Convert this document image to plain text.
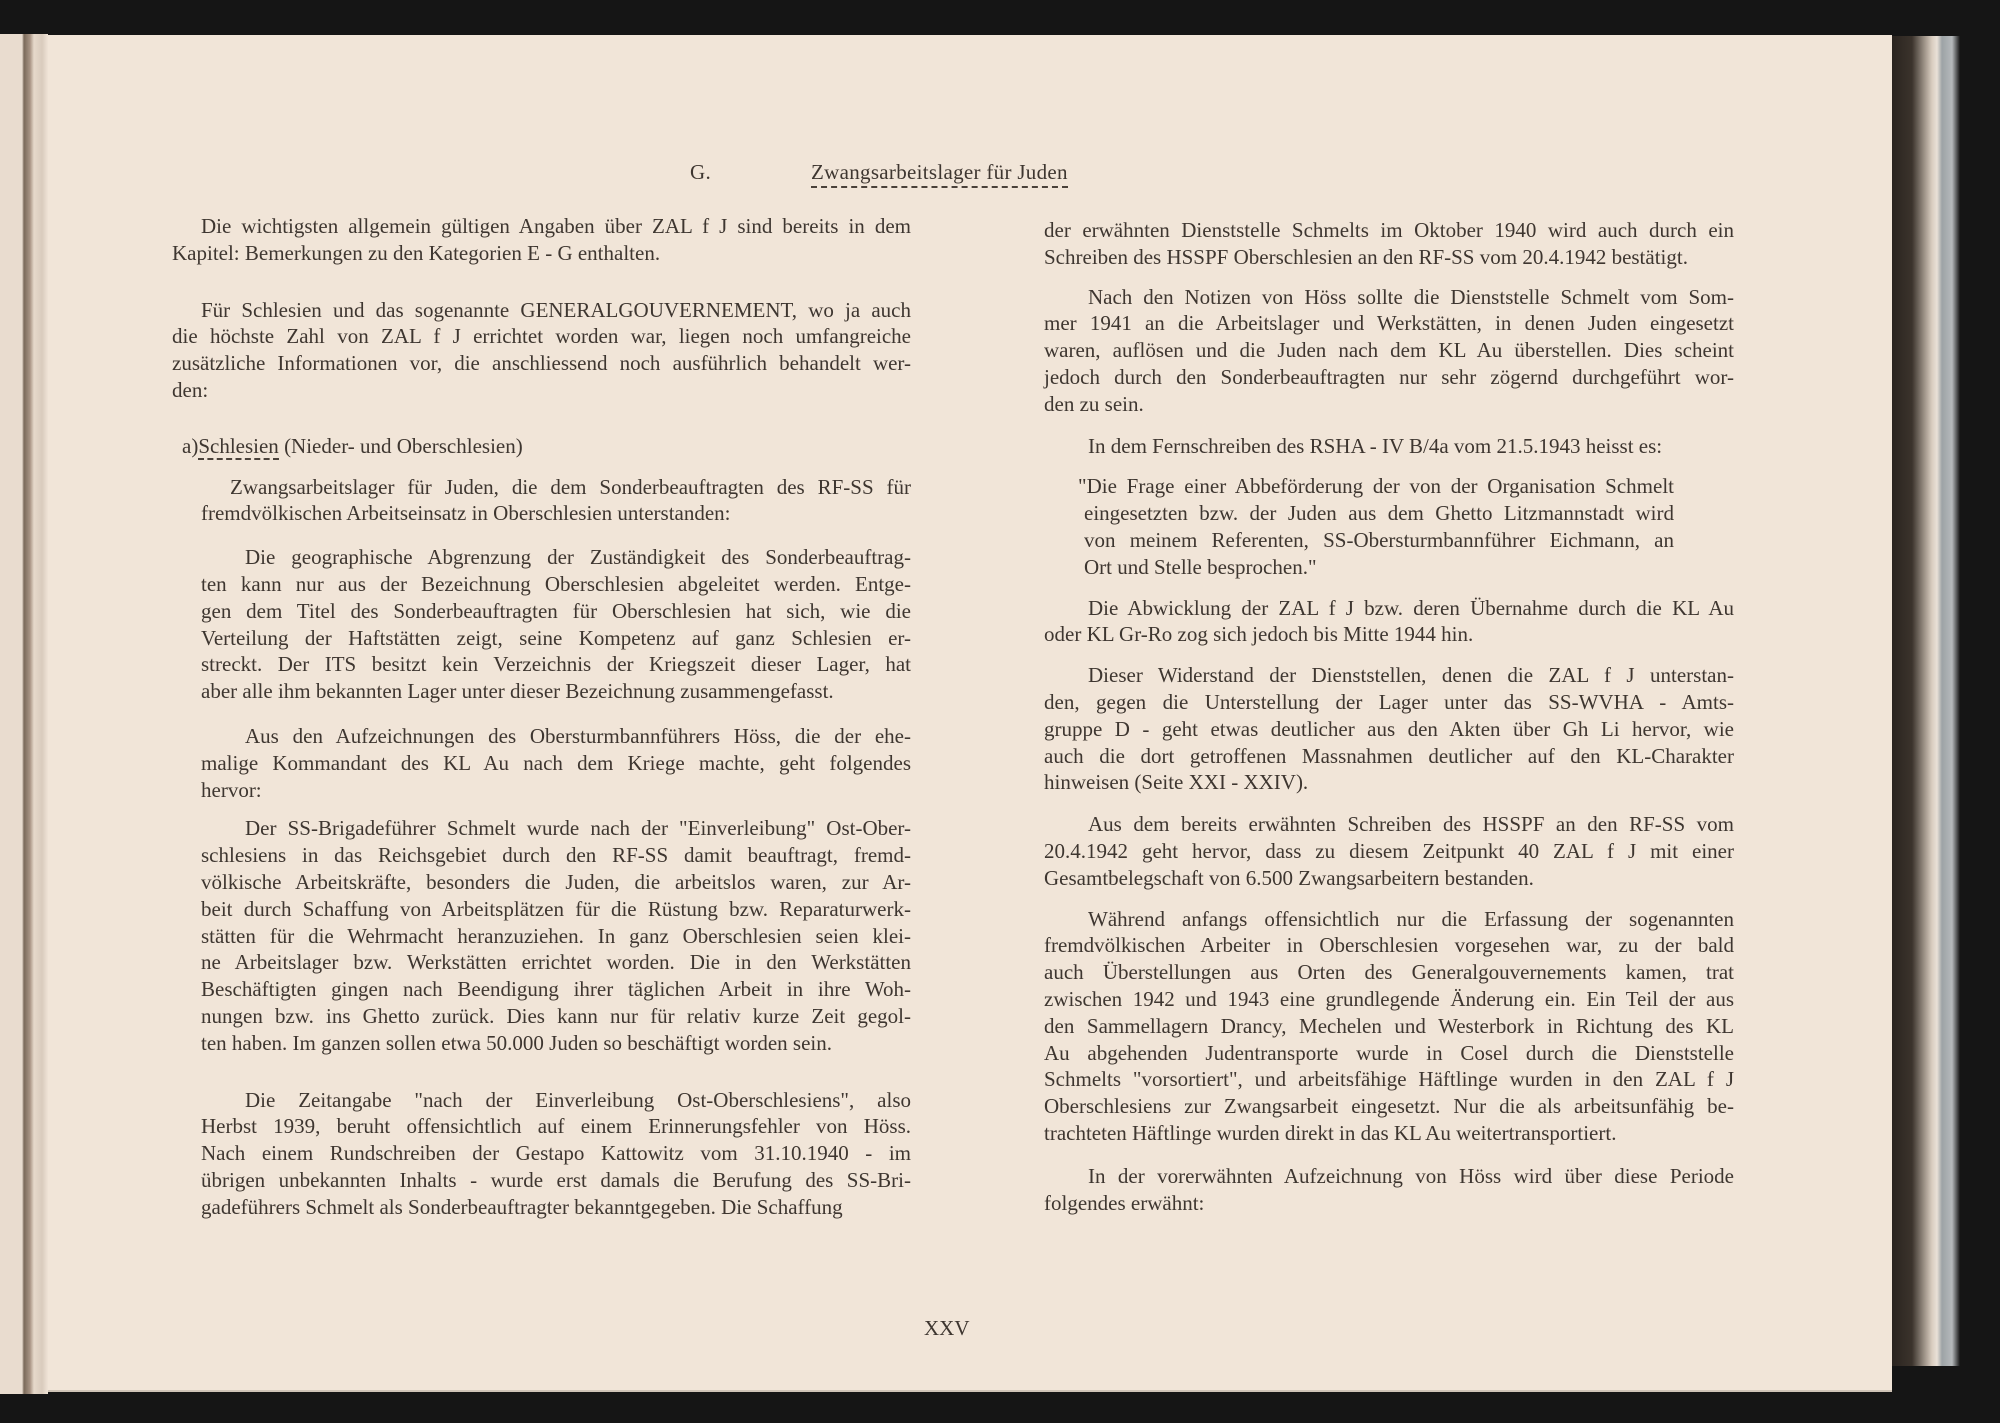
G.	Zwangsarbeitslager für Juden
Die wichtigsten allgemein gültigen Angaben über ZAL f J sind bereits in dem
Kapitel: Bemerkungen zu den Kategorien E - G enthalten.
Für Schlesien und das sogenannte GENERALGOUVERNEMENT, wo ja auch
die höchste Zahl von ZAL f J errichtet worden war, liegen noch umfangreiche
zusätzliche Informationen vor, die anschliessend noch ausführlich behandelt wer-
den:
a)Schlesien (Nieder- und Oberschlesien)
Zwangsarbeitslager für Juden, die dem Sonderbeauftragten des RF-SS für
fremdvölkischen Arbeitseinsatz in Oberschlesien unterstanden:
Die geographische Abgrenzung der Zuständigkeit des Sonderbeauftrag-
ten kann nur aus der Bezeichnung Oberschlesien abgeleitet werden. Entge-
gen dem Titel des Sonderbeauftragten für Oberschlesien hat sich, wie die
Verteilung der Haftstätten zeigt, seine Kompetenz auf ganz Schlesien er-
streckt. Der ITS besitzt kein Verzeichnis der Kriegszeit dieser Lager, hat
aber alle ihm bekannten Lager unter dieser Bezeichnung zusammengefasst.
Aus den Aufzeichnungen des Obersturmbannführers Höss, die der ehe-
malige Kommandant des KL Au nach dem Kriege machte, geht folgendes
hervor:
Der SS-Brigadeführer Schmelt wurde nach der "Einverleibung" Ost-Ober-
schlesiens in das Reichsgebiet durch den RF-SS damit beauftragt, fremd-
völkische Arbeitskräfte, besonders die Juden, die arbeitslos waren, zur Ar-
beit durch Schaffung von Arbeitsplätzen für die Rüstung bzw. Reparaturwerk-
stätten für die Wehrmacht heranzuziehen. In ganz Oberschlesien seien klei-
ne Arbeitslager bzw. Werkstätten errichtet worden. Die in den Werkstätten
Beschäftigten gingen nach Beendigung ihrer täglichen Arbeit in ihre Woh-
nungen bzw. ins Ghetto zurück. Dies kann nur für relativ kurze Zeit gegol-
ten haben. Im ganzen sollen etwa 50.000 Juden so beschäftigt worden sein.
Die Zeitangabe "nach der Einverleibung Ost-Oberschlesiens", also
Herbst 1939, beruht offensichtlich auf einem Erinnerungsfehler von Höss.
Nach einem Rundschreiben der Gestapo Kattowitz vom 31.10.1940 - im
übrigen unbekannten Inhalts - wurde erst damals die Berufung des SS-Bri-
gadeführers Schmelt als Sonderbeauftragter bekanntgegeben. Die Schaffung
der erwähnten Dienststelle Schmelts im Oktober 1940 wird auch durch ein
Schreiben des HSSPF Oberschlesien an den RF-SS vom 20.4.1942 bestätigt.
Nach den Notizen von Höss sollte die Dienststelle Schmelt vom Som-
mer 1941 an die Arbeitslager und Werkstätten, in denen Juden eingesetzt
waren, auflösen und die Juden nach dem KL Au überstellen. Dies scheint
jedoch durch den Sonderbeauftragten nur sehr zögernd durchgeführt wor-
den zu sein.
In dem Fernschreiben des RSHA - IV B/4a vom 21.5.1943 heisst es:
"Die Frage einer Abbeförderung der von der Organisation Schmelt
eingesetzten bzw. der Juden aus dem Ghetto Litzmannstadt wird
von meinem Referenten, SS-Obersturmbannführer Eichmann, an
Ort und Stelle besprochen."
Die Abwicklung der ZAL f J bzw. deren Übernahme durch die KL Au
oder KL Gr-Ro zog sich jedoch bis Mitte 1944 hin.
Dieser Widerstand der Dienststellen, denen die ZAL f J unterstan-
den, gegen die Unterstellung der Lager unter das SS-WVHA - Amts-
gruppe D - geht etwas deutlicher aus den Akten über Gh Li hervor, wie
auch die dort getroffenen Massnahmen deutlicher auf den KL-Charakter
hinweisen (Seite XXI - XXIV).
Aus dem bereits erwähnten Schreiben des HSSPF an den RF-SS vom
20.4.1942 geht hervor, dass zu diesem Zeitpunkt 40 ZAL f J mit einer
Gesamtbelegschaft von 6.500 Zwangsarbeitern bestanden.
Während anfangs offensichtlich nur die Erfassung der sogenannten
fremdvölkischen Arbeiter in Oberschlesien vorgesehen war, zu der bald
auch Überstellungen aus Orten des Generalgouvernements kamen, trat
zwischen 1942 und 1943 eine grundlegende Änderung ein. Ein Teil der aus
den Sammellagern Drancy, Mechelen und Westerbork in Richtung des KL
Au abgehenden Judentransporte wurde in Cosel durch die Dienststelle
Schmelts "vorsortiert", und arbeitsfähige Häftlinge wurden in den ZAL f J
Oberschlesiens zur Zwangsarbeit eingesetzt. Nur die als arbeitsunfähig be-
trachteten Häftlinge wurden direkt in das KL Au weitertransportiert.
In der vorerwähnten Aufzeichnung von Höss wird über diese Periode
folgendes erwähnt:
XXV
